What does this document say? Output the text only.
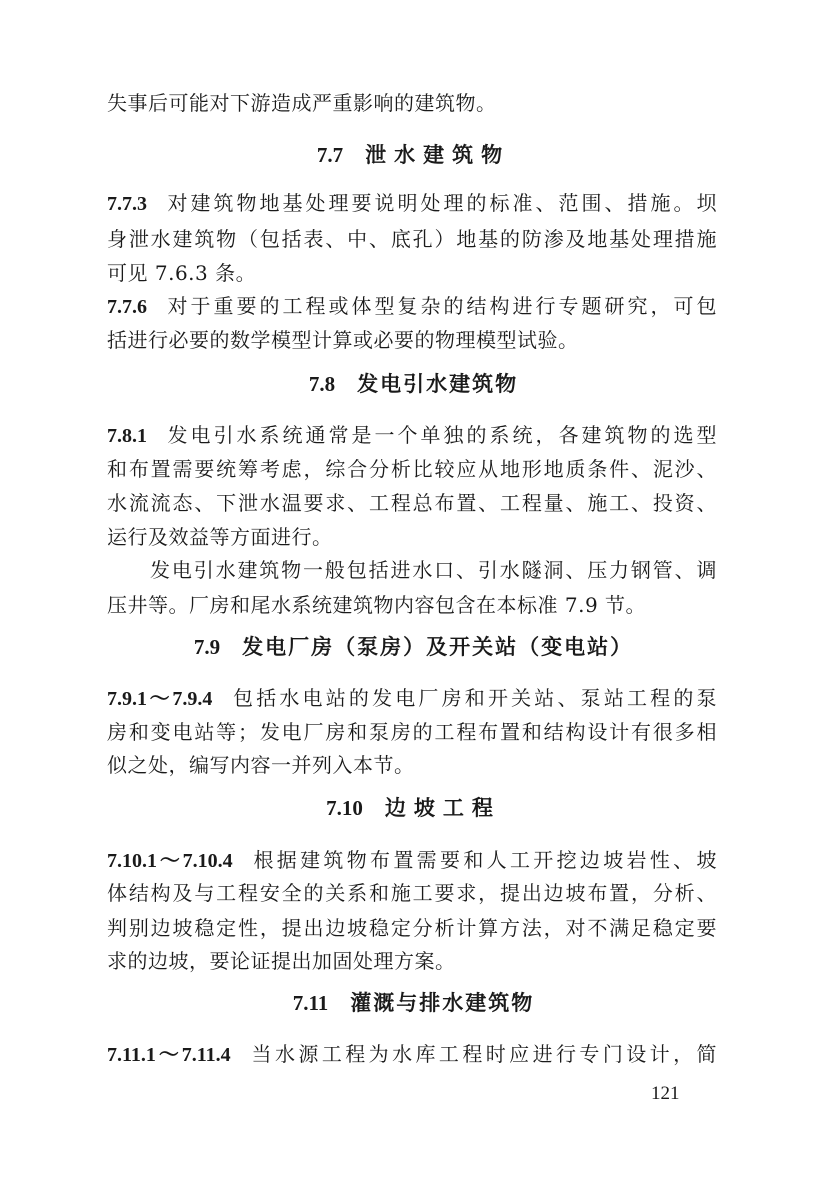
失事后可能对下游造成严重影响的建筑物。
7.7 泄水建筑物
7.7.3 对建筑物地基处理要说明处理的标准、范围、措施。坝
身泄水建筑物（包括表、中、底孔）地基的防渗及地基处理措施
可见 7.6.3 条。
7.7.6 对于重要的工程或体型复杂的结构进行专题研究，可包
括进行必要的数学模型计算或必要的物理模型试验。
7.8 发电引水建筑物
7.8.1 发电引水系统通常是一个单独的系统，各建筑物的选型
和布置需要统筹考虑，综合分析比较应从地形地质条件、泥沙、
水流流态、下泄水温要求、工程总布置、工程量、施工、投资、
运行及效益等方面进行。
发电引水建筑物一般包括进水口、引水隧洞、压力钢管、调
压井等。厂房和尾水系统建筑物内容包含在本标准 7.9 节。
7.9 发电厂房（泵房）及开关站（变电站）
7.9.1～7.9.4 包括水电站的发电厂房和开关站、泵站工程的泵
房和变电站等；发电厂房和泵房的工程布置和结构设计有很多相
似之处，编写内容一并列入本节。
7.10 边坡工程
7.10.1～7.10.4 根据建筑物布置需要和人工开挖边坡岩性、坡
体结构及与工程安全的关系和施工要求，提出边坡布置，分析、
判别边坡稳定性，提出边坡稳定分析计算方法，对不满足稳定要
求的边坡，要论证提出加固处理方案。
7.11 灌溉与排水建筑物
7.11.1～7.11.4 当水源工程为水库工程时应进行专门设计，简
121
